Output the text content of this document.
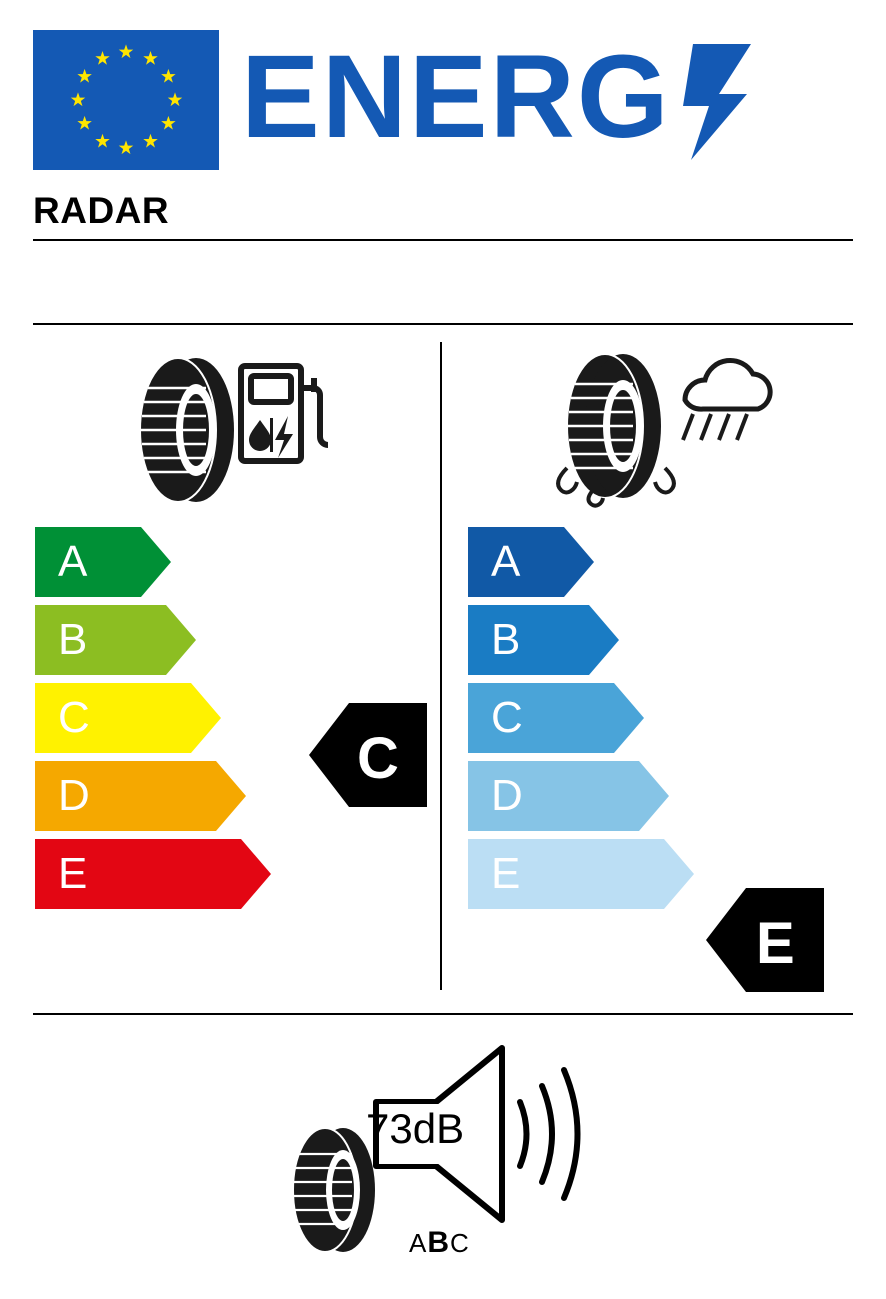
ENERG
RADAR
A
B
C
D
E
C
A
B
C
D
E
E
73dB
ABC
